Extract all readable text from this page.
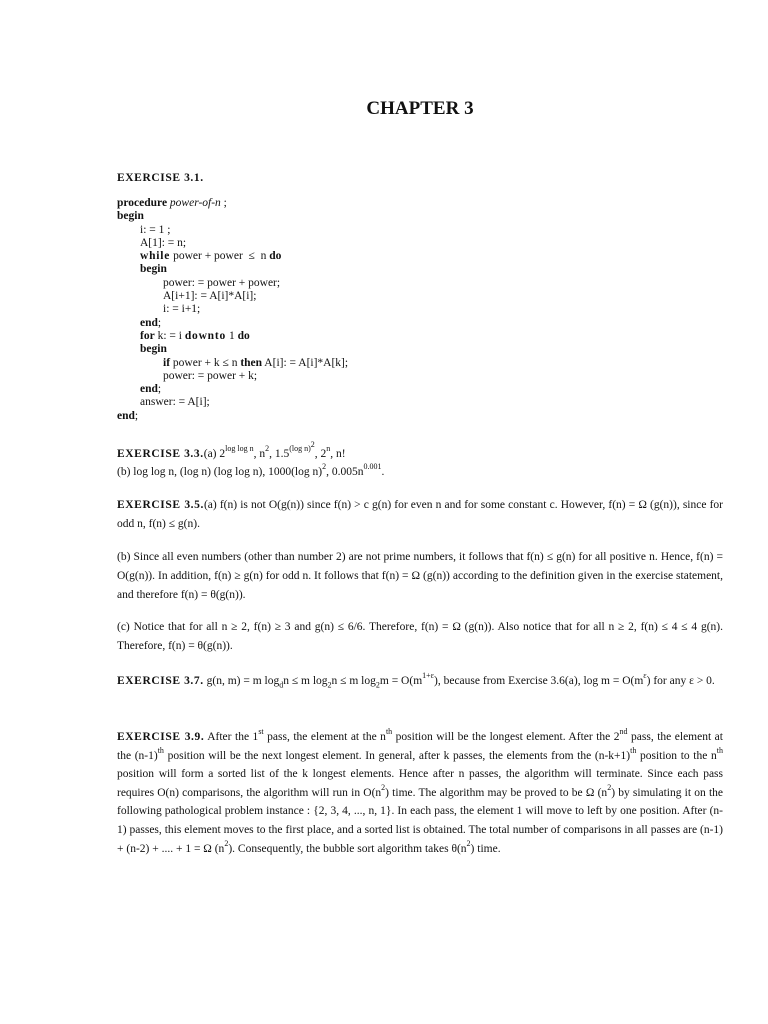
CHAPTER 3
EXERCISE 3.1.
procedure power-of-n ;
begin
i: = 1 ;
A[1]: = n;
while power + power  ≤  n do
begin
power: = power + power;
A[i+1]: = A[i]*A[i];
i: = i+1;
end;
for k: = i downto 1 do
begin
if power + k ≤ n then A[i]: = A[i]*A[k];
power: = power + k;
end;
answer: = A[i];
end;
EXERCISE 3.3.(a) $2^{log log n}$, $n^2$, $1.5^{(log n)^2}$, 2$^n$, n!
(b) log log n, (log n) (log log n), 1000(log n)$^2$, $0.005n^{0.001}$.
EXERCISE 3.5.(a) f(n) is not O(g(n)) since f(n) > c g(n) for even n and for some constant c. However, f(n) = Ω (g(n)), since for odd n, f(n) ≤ g(n).
(b) Since all even numbers (other than number 2) are not prime numbers, it follows that f(n) ≤ g(n) for all positive n. Hence, f(n) = O(g(n)). In addition, f(n) ≥ g(n) for odd n. It follows that f(n) = Ω (g(n)) according to the definition given in the exercise statement, and therefore f(n) = θ(g(n)).
(c) Notice that for all n ≥ 2, f(n) ≥ 3 and g(n) ≤ 6/6. Therefore, f(n) = Ω (g(n)). Also notice that for all n ≥ 2, f(n) ≤ 4 ≤ 4 g(n). Therefore, f(n) = θ(g(n)).
EXERCISE 3.7. g(n, m) = m $\log_dn \le m$ $\log_2n \le m$ $\log_2m = O(m^{1+\varepsilon})$, because from Exercise 3.6(a), $\log m = O(m^\varepsilon)$ for any ε > 0.
EXERCISE 3.9. After the 1st pass, the element at the $n^{th}$ position will be the longest element. After the 2nd pass, the element at the $(n-1)^{th}$ position will be the next longest element. In general, after k passes, the elements from the $(n-k+1)^{th}$ position to the $n^{th}$ position will form a sorted list of the k longest elements. Hence after n passes, the algorithm will terminate. Since each pass requires O(n) comparisons, the algorithm will run in $O(n^2)$ time. The algorithm may be proved to be Ω $(n^2)$ by simulating it on the following pathological problem instance : {2, 3, 4, ..., n, 1}. In each pass, the element 1 will move to left by one position. After (n-1) passes, this element moves to the first place, and a sorted list is obtained. The total number of comparisons in all passes are (n-1) + (n-2) + .... + 1 = Ω $(n^2)$. Consequently, the bubble sort algorithm takes $\theta(n^2)$ time.
